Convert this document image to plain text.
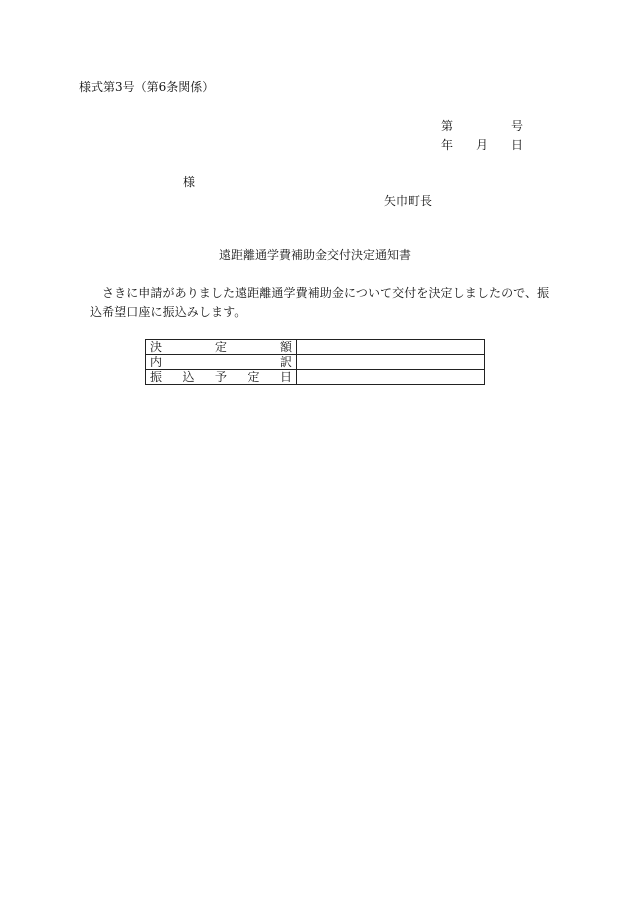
様式第3号（第6条関係）
第	号
年 月 日
様
矢巾町長
遠距離通学費補助金交付決定通知書
さきに申請がありました遠距離通学費補助金について交付を決定しましたので、振込希望口座に振込みします。
決 定 額	

内 訳	

振 込 予 定 日	
